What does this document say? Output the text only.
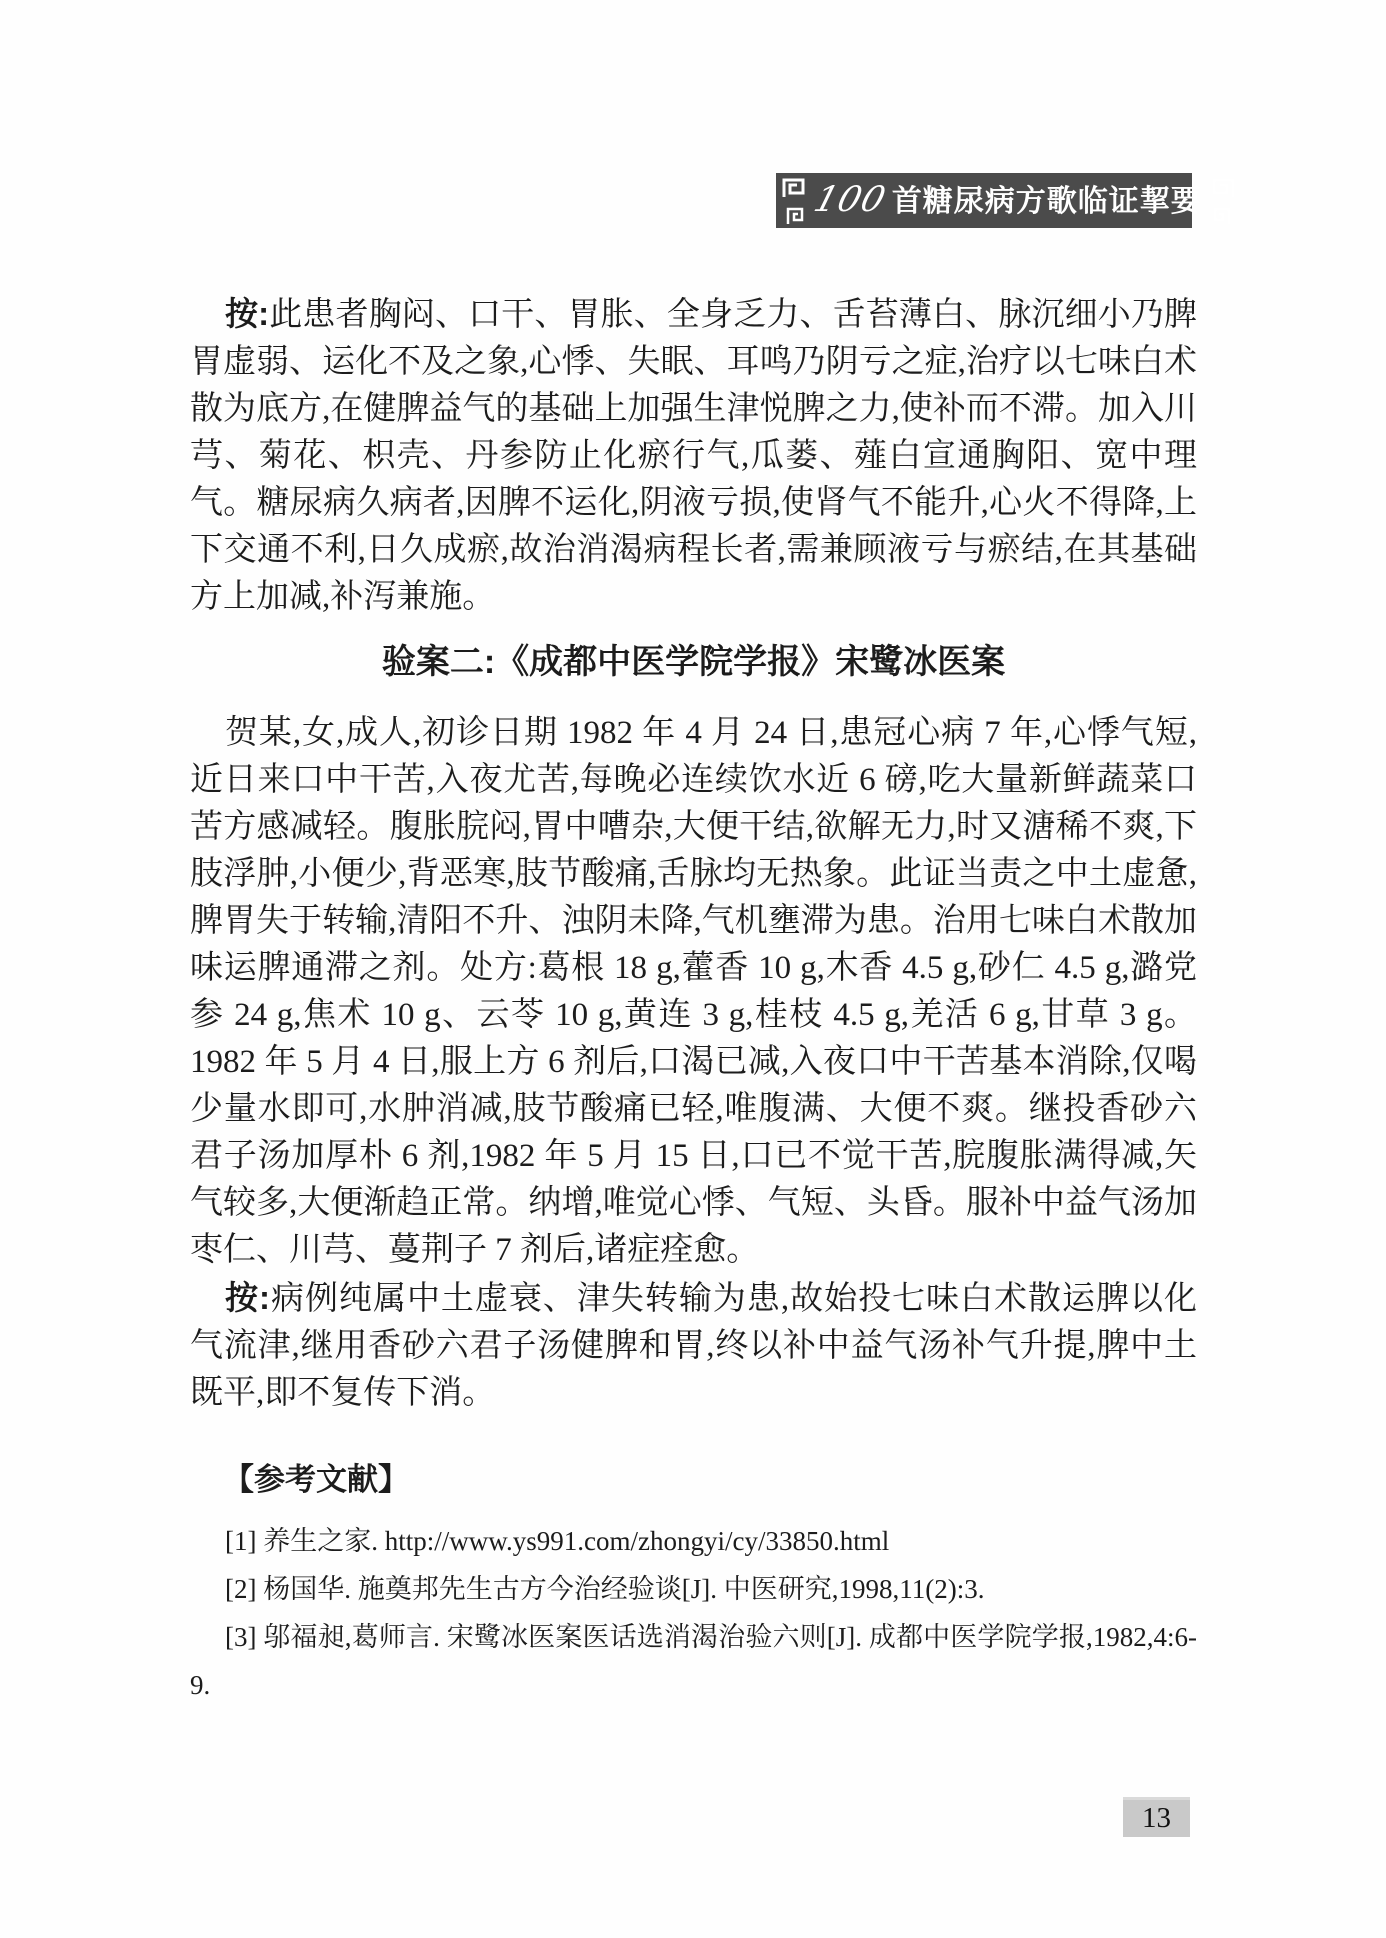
100首糖尿病方歌临证挈要

按:此患者胸闷、口干、胃胀、全身乏力、舌苔薄白、脉沉细小乃脾胃虚弱、运化不及之象,心悸、失眠、耳鸣乃阴亏之症,治疗以七味白术散为底方,在健脾益气的基础上加强生津悦脾之力,使补而不滞。加入川芎、菊花、枳壳、丹参防止化瘀行气,瓜蒌、薤白宣通胸阳、宽中理气。糖尿病久病者,因脾不运化,阴液亏损,使肾气不能升,心火不得降,上下交通不利,日久成瘀,故治消渴病程长者,需兼顾液亏与瘀结,在其基础方上加减,补泻兼施。

验案二:《成都中医学院学报》宋鹭冰医案

贺某,女,成人,初诊日期 1982 年 4 月 24 日,患冠心病 7 年,心悸气短,近日来口中干苦,入夜尤苦,每晚必连续饮水近 6 磅,吃大量新鲜蔬菜口苦方感减轻。腹胀脘闷,胃中嘈杂,大便干结,欲解无力,时又溏稀不爽,下肢浮肿,小便少,背恶寒,肢节酸痛,舌脉均无热象。此证当责之中土虚惫,脾胃失于转输,清阳不升、浊阴未降,气机壅滞为患。治用七味白术散加味运脾通滞之剂。处方:葛根 18 g,藿香 10 g,木香 4.5 g,砂仁 4.5 g,潞党参 24 g,焦术 10 g、云苓 10 g,黄连 3 g,桂枝 4.5 g,羌活 6 g,甘草 3 g。1982 年 5 月 4 日,服上方 6 剂后,口渴已减,入夜口中干苦基本消除,仅喝少量水即可,水肿消减,肢节酸痛已轻,唯腹满、大便不爽。继投香砂六君子汤加厚朴 6 剂,1982 年 5 月 15 日,口已不觉干苦,脘腹胀满得减,矢气较多,大便渐趋正常。纳增,唯觉心悸、气短、头昏。服补中益气汤加枣仁、川芎、蔓荆子 7 剂后,诸症痊愈。

按:病例纯属中土虚衰、津失转输为患,故始投七味白术散运脾以化气流津,继用香砂六君子汤健脾和胃,终以补中益气汤补气升提,脾中土既平,即不复传下消。

【参考文献】

[1] 养生之家. http://www.ys991.com/zhongyi/cy/33850.html

[2] 杨国华. 施奠邦先生古方今治经验谈[J]. 中医研究,1998,11(2):3.

[3] 邬福昶,葛师言. 宋鹭冰医案医话选消渴治验六则[J]. 成都中医学院学报,1982,4:6-9.

13
